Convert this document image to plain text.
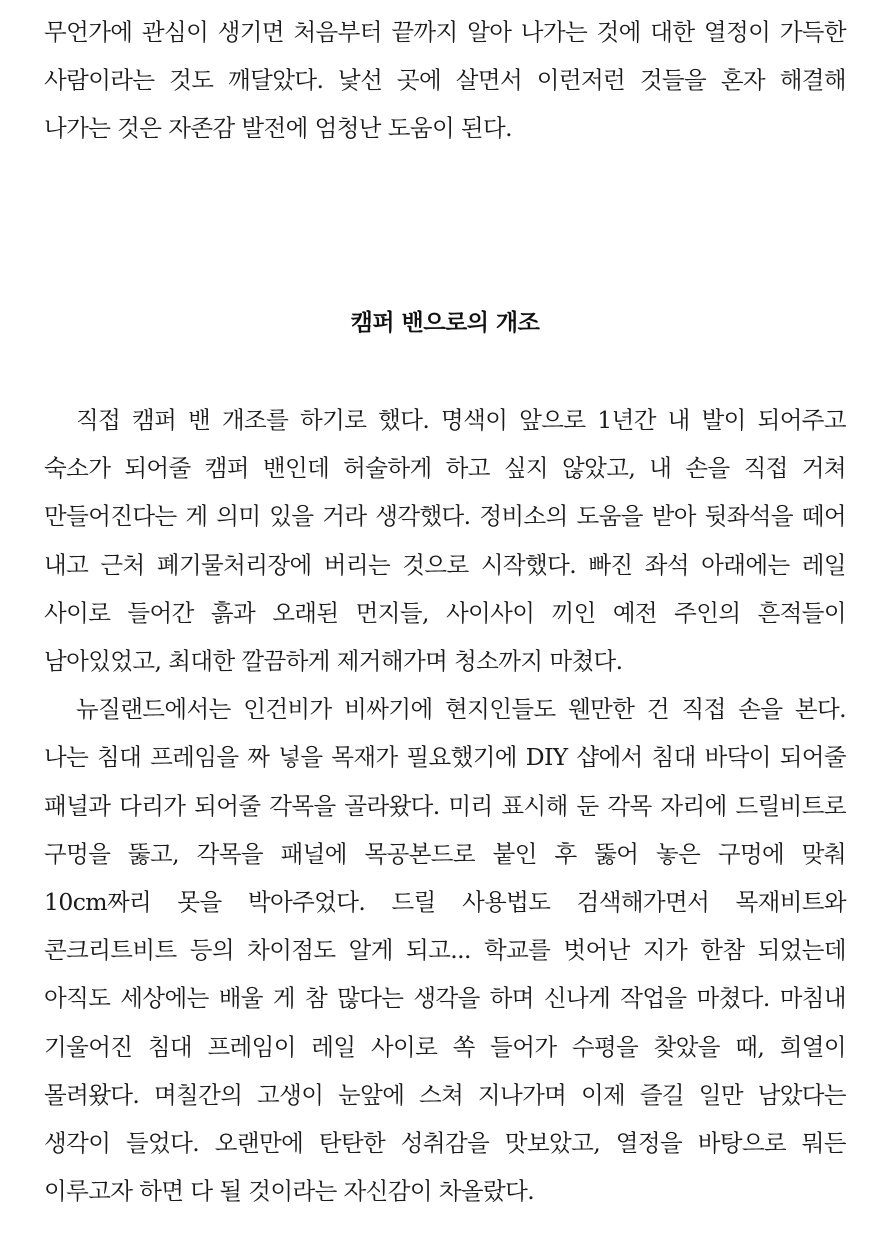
무언가에 관심이 생기면 처음부터 끝까지 알아 나가는 것에 대한 열정이 가득한 사람이라는 것도 깨달았다. 낯선 곳에 살면서 이런저런 것들을 혼자 해결해 나가는 것은 자존감 발전에 엄청난 도움이 된다.

캠퍼 밴으로의 개조

직접 캠퍼 밴 개조를 하기로 했다. 명색이 앞으로 1년간 내 발이 되어주고 숙소가 되어줄 캠퍼 밴인데 허술하게 하고 싶지 않았고, 내 손을 직접 거쳐 만들어진다는 게 의미 있을 거라 생각했다. 정비소의 도움을 받아 뒷좌석을 떼어 내고 근처 폐기물처리장에 버리는 것으로 시작했다. 빠진 좌석 아래에는 레일 사이로 들어간 흙과 오래된 먼지들, 사이사이 끼인 예전 주인의 흔적들이 남아있었고, 최대한 깔끔하게 제거해가며 청소까지 마쳤다.

뉴질랜드에서는 인건비가 비싸기에 현지인들도 웬만한 건 직접 손을 본다. 나는 침대 프레임을 짜 넣을 목재가 필요했기에 DIY 샵에서 침대 바닥이 되어줄 패널과 다리가 되어줄 각목을 골라왔다. 미리 표시해 둔 각목 자리에 드릴비트로 구멍을 뚫고, 각목을 패널에 목공본드로 붙인 후 뚫어 놓은 구멍에 맞춰 10cm짜리 못을 박아주었다. 드릴 사용법도 검색해가면서 목재비트와 콘크리트비트 등의 차이점도 알게 되고... 학교를 벗어난 지가 한참 되었는데 아직도 세상에는 배울 게 참 많다는 생각을 하며 신나게 작업을 마쳤다. 마침내 기울어진 침대 프레임이 레일 사이로 쏙 들어가 수평을 찾았을 때, 희열이 몰려왔다. 며칠간의 고생이 눈앞에 스쳐 지나가며 이제 즐길 일만 남았다는 생각이 들었다. 오랜만에 탄탄한 성취감을 맛보았고, 열정을 바탕으로 뭐든 이루고자 하면 다 될 것이라는 자신감이 차올랐다.
